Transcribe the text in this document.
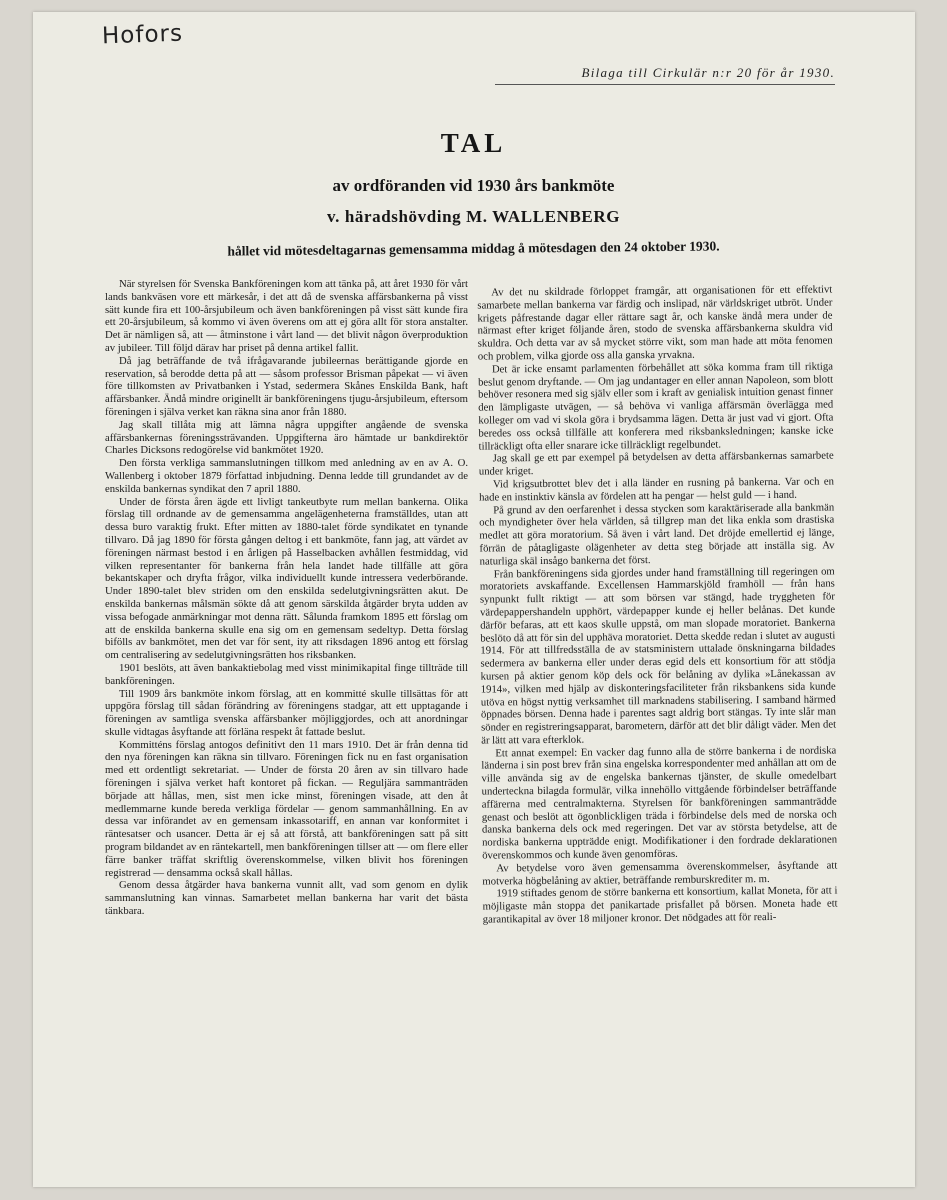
Hofors
Bilaga till Cirkulär n:r 20 för år 1930.
TAL
av ordföranden vid 1930 års bankmöte
v. häradshövding M. WALLENBERG
hållet vid mötesdeltagarnas gemensamma middag å mötesdagen den 24 oktober 1930.

När styrelsen för Svenska Bankföreningen kom att tänka på, att året 1930 för vårt lands bankväsen vore ett märkesår, i det att då de svenska affärsbankerna på visst sätt kunde fira ett 100-årsjubileum och även bankföreningen på visst sätt kunde fira ett 20-årsjubileum, så kommo vi även överens om att ej göra allt för stora anstalter. Det är nämligen så, att — åtminstone i vårt land — det blivit någon överproduktion av jubileer. Till följd därav har priset på denna artikel fallit.

Då jag beträffande de två ifrågavarande jubileernas berättigande gjorde en reservation, så berodde detta på att — såsom professor Brisman påpekat — vi även före tillkomsten av Privatbanken i Ystad, sedermera Skånes Enskilda Bank, haft affärsbanker. Ändå mindre originellt är bankföreningens tjugu-årsjubileum, eftersom föreningen i själva verket kan räkna sina anor från 1880.

Jag skall tillåta mig att lämna några uppgifter angående de svenska affärsbankernas föreningssträvanden. Uppgifterna äro hämtade ur bankdirektör Charles Dicksons redogörelse vid bankmötet 1920.

Den första verkliga sammanslutningen tillkom med anledning av en av A. O. Wallenberg i oktober 1879 författad inbjudning. Denna ledde till grundandet av de enskilda bankernas syndikat den 7 april 1880.

Under de första åren ägde ett livligt tankeutbyte rum mellan bankerna. Olika förslag till ordnande av de gemensamma angelägenheterna framställdes, utan att dessa buro varaktig frukt. Efter mitten av 1880-talet förde syndikatet en tynande tillvaro. Då jag 1890 för första gången deltog i ett bankmöte, fann jag, att värdet av föreningen närmast bestod i en årligen på Hasselbacken avhållen festmiddag, vid vilken representanter för bankerna från hela landet hade tillfälle att göra bekantskaper och dryfta frågor, vilka individuellt kunde intressera vederbörande. Under 1890-talet blev striden om den enskilda sedelutgivningsrätten akut. De enskilda bankernas målsmän sökte då att genom särskilda åtgärder bryta udden av vissa befogade anmärkningar mot denna rätt. Sålunda framkom 1895 ett förslag om att de enskilda bankerna skulle ena sig om en gemensam sedeltyp. Detta förslag bifölls av bankmötet, men det var för sent, ity att riksdagen 1896 antog ett förslag om centralisering av sedelutgivningsrätten hos riksbanken.

1901 beslöts, att även bankaktiebolag med visst minimikapital finge tillträde till bankföreningen.

Till 1909 års bankmöte inkom förslag, att en kommitté skulle tillsättas för att uppgöra förslag till sådan förändring av föreningens stadgar, att ett upptagande i föreningen av samtliga svenska affärsbanker möjliggjordes, och att anordningar skulle vidtagas åsyftande att förläna respekt åt fattade beslut.

Kommitténs förslag antogos definitivt den 11 mars 1910. Det är från denna tid den nya föreningen kan räkna sin tillvaro. Föreningen fick nu en fast organisation med ett ordentligt sekretariat. — Under de första 20 åren av sin tillvaro hade föreningen i själva verket haft kontoret på fickan. — Reguljära sammanträden började att hållas, men, sist men icke minst, föreningen visade, att den åt medlemmarne kunde bereda verkliga fördelar — genom sammanhållning. En av dessa var införandet av en gemensam inkassotariff, en annan var konformitet i räntesatser och usancer. Detta är ej så att förstå, att bankföreningen satt på sitt program bildandet av en räntekartell, men bankföreningen tillser att — om flere eller färre banker träffat skriftlig överenskommelse, vilken blivit hos föreningen registrerad — densamma också skall hållas.

Genom dessa åtgärder hava bankerna vunnit allt, vad som genom en dylik sammanslutning kan vinnas. Samarbetet mellan bankerna har varit det bästa tänkbara.

Av det nu skildrade förloppet framgår, att organisationen för ett effektivt samarbete mellan bankerna var färdig och inslipad, när världskriget utbröt. Under krigets påfrestande dagar eller rättare sagt år, och kanske ändå mera under de närmast efter kriget följande åren, stodo de svenska affärsbankerna skuldra vid skuldra. Och detta var av så mycket större vikt, som man hade att möta fenomen och problem, vilka gjorde oss alla ganska yrvakna.

Det är icke ensamt parlamenten förbehållet att söka komma fram till riktiga beslut genom dryftande. — Om jag undantager en eller annan Napoleon, som blott behöver resonera med sig själv eller som i kraft av genialisk intuition genast finner den lämpligaste utvägen, — så behöva vi vanliga affärsmän överlägga med kolleger om vad vi skola göra i brydsamma lägen. Detta är just vad vi gjort. Ofta beredes oss också tillfälle att konferera med riksbanksledningen; kanske icke tillräckligt ofta eller snarare icke tillräckligt regelbundet.

Jag skall ge ett par exempel på betydelsen av detta affärsbankernas samarbete under kriget.

Vid krigsutbrottet blev det i alla länder en rusning på bankerna. Var och en hade en instinktiv känsla av fördelen att ha pengar — helst guld — i hand.

På grund av den oerfarenhet i dessa stycken som karaktäriserade alla bankmän och myndigheter över hela världen, så tillgrep man det lika enkla som drastiska medlet att göra moratorium. Så även i vårt land. Det dröjde emellertid ej länge, förrän de påtagligaste olägenheter av detta steg började att inställa sig. Av naturliga skäl insågo bankerna det först.

Från bankföreningens sida gjordes under hand framställning till regeringen om moratoriets avskaffande. Excellensen Hammarskjöld framhöll — från hans synpunkt fullt riktigt — att som börsen var stängd, hade tryggheten för värdepappershandeln upphört, värdepapper kunde ej heller belånas. Det kunde därför befaras, att ett kaos skulle uppstå, om man slopade moratoriet. Bankerna beslöto då att för sin del upphäva moratoriet. Detta skedde redan i slutet av augusti 1914. För att tillfredsställa de av statsministern uttalade önskningarna bildades sedermera av bankerna eller under deras egid dels ett konsortium för att stödja kursen på aktier genom köp dels ock för belåning av dylika »Lånekassan av 1914», vilken med hjälp av diskonteringsfaciliteter från riksbankens sida kunde utöva en högst nyttig verksamhet till marknadens stabilisering. I samband härmed öppnades börsen. Denna hade i parentes sagt aldrig bort stängas. Ty inte slår man sönder en registreringsapparat, barometern, därför att det blir dåligt väder. Men det är lätt att vara efterklok.

Ett annat exempel: En vacker dag funno alla de större bankerna i de nordiska länderna i sin post brev från sina engelska korrespondenter med anhållan att om de ville använda sig av de engelska bankernas tjänster, de skulle omedelbart underteckna bilagda formulär, vilka innehöllo vittgående förbindelser beträffande affärerna med centralmakterna. Styrelsen för bankföreningen sammanträdde genast och beslöt att ögonblickligen träda i förbindelse dels med de norska och danska bankerna dels ock med regeringen. Det var av största betydelse, att de nordiska bankerna uppträdde enigt. Modifikationer i den fordrade deklarationen överenskommos och kunde även genomföras.

Av betydelse voro även gemensamma överenskommelser, åsyftande att motverka högbelåning av aktier, beträffande remburskrediter m. m.

1919 stiftades genom de större bankerna ett konsortium, kallat Moneta, för att i möjligaste mån stoppa det panikartade prisfallet på börsen. Moneta hade ett garantikapital av över 18 miljoner kronor. Det nödgades att för reali-
